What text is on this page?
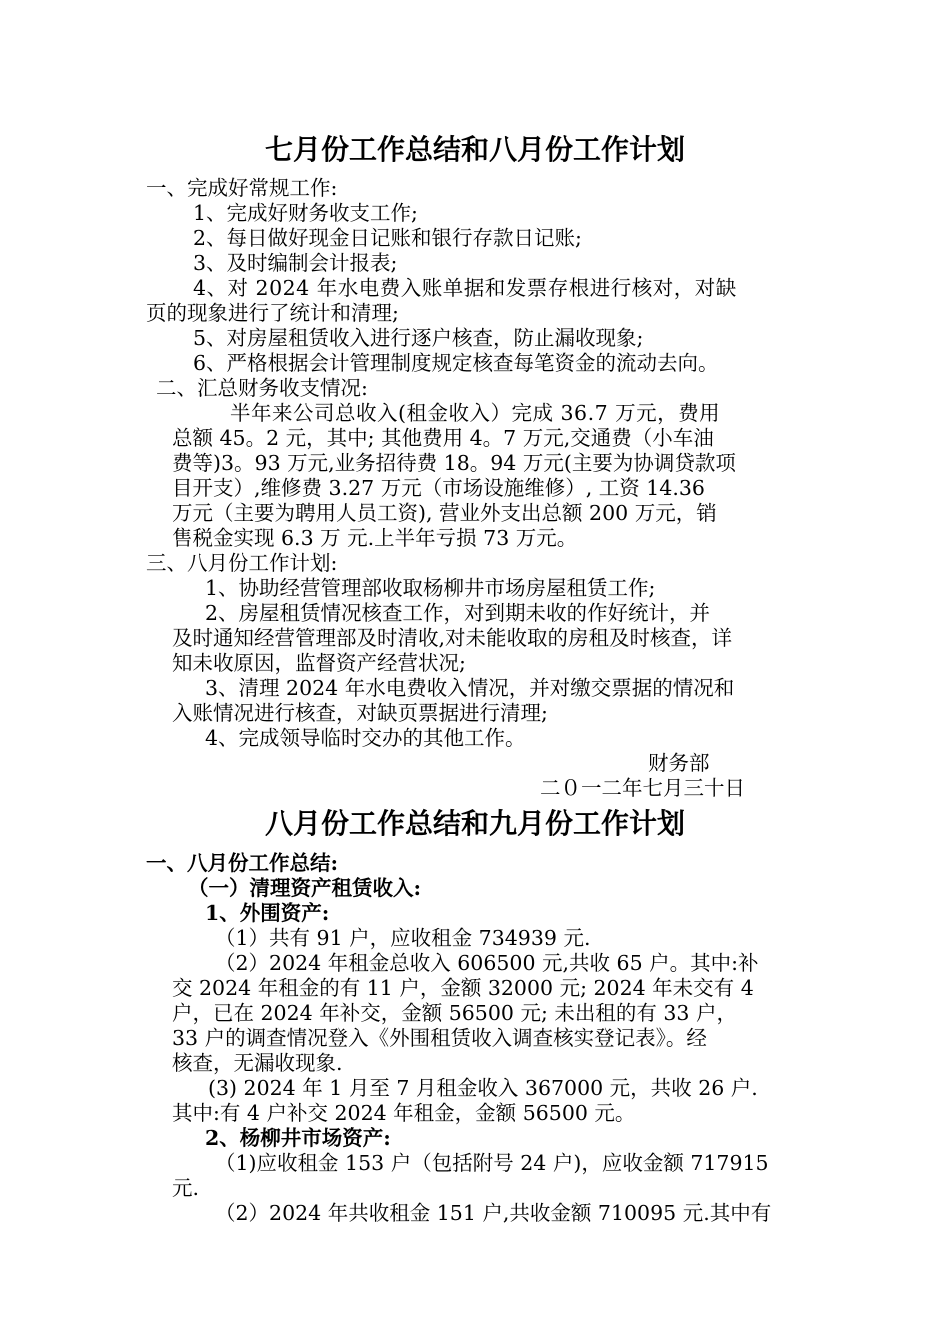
七月份工作总结和八月份工作计划
一、完成好常规工作:
1、完成好财务收支工作;
2、每日做好现金日记账和银行存款日记账;
3、及时编制会计报表;
4、对 2024 年水电费入账单据和发票存根进行核对，对缺
页的现象进行了统计和清理;
5、对房屋租赁收入进行逐户核查，防止漏收现象;
6、严格根据会计管理制度规定核查每笔资金的流动去向。
二、汇总财务收支情况:
半年来公司总收入(租金收入）完成 36.7 万元，费用
总额 45。2 元，其中; 其他费用 4。7 万元,交通费（小车油
费等)3。93 万元,业务招待费 18。94 万元(主要为协调贷款项
目开支）,维修费 3.27 万元（市场设施维修）, 工资 14.36
万元（主要为聘用人员工资), 营业外支出总额 200 万元，销
售税金实现 6.3 万 元.上半年亏损 73 万元。
三、八月份工作计划:
1、协助经营管理部收取杨柳井市场房屋租赁工作;
2、房屋租赁情况核查工作，对到期未收的作好统计，并
及时通知经营管理部及时清收,对未能收取的房租及时核查，详
知未收原因，监督资产经营状况;
3、清理 2024 年水电费收入情况，并对缴交票据的情况和
入账情况进行核查，对缺页票据进行清理;
4、完成领导临时交办的其他工作。
财务部
二０一二年七月三十日
八月份工作总结和九月份工作计划
一、八月份工作总结:
（一）清理资产租赁收入:
1、外围资产:
（1）共有 91 户，应收租金 734939 元.
（2）2024 年租金总收入 606500 元,共收 65 户。其中:补
交 2024 年租金的有 11 户，金额 32000 元; 2024 年未交有 4
户，已在 2024 年补交，金额 56500 元; 未出租的有 33 户，
33 户的调查情况登入《外围租赁收入调查核实登记表》。经
核查，无漏收现象.
(3) 2024 年 1 月至 7 月租金收入 367000 元，共收 26 户.
其中:有 4 户补交 2024 年租金，金额 56500 元。
2、杨柳井市场资产:
（1)应收租金 153 户（包括附号 24 户)，应收金额 717915
元.
（2）2024 年共收租金 151 户,共收金额 710095 元.其中有
